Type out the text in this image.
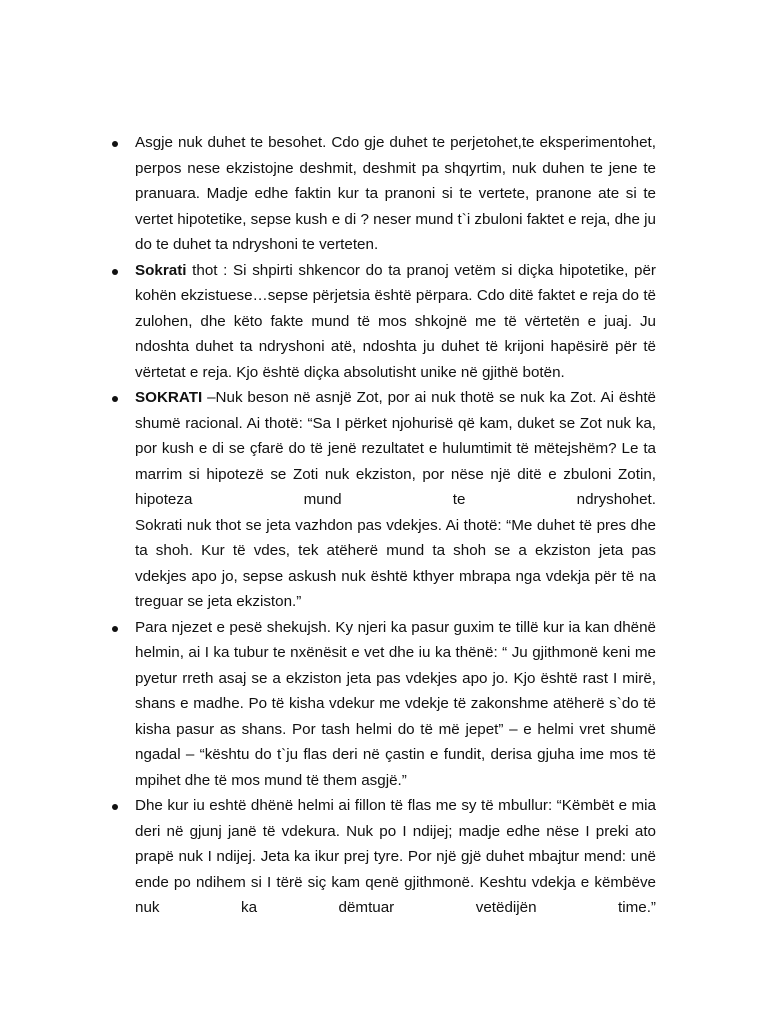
Asgje nuk duhet te besohet. Cdo gje duhet te perjetohet,te eksperimentohet, perpos nese ekzistojne deshmit, deshmit pa shqyrtim, nuk duhen te jene te pranuara. Madje edhe faktin kur ta pranoni si te vertete, pranone ate si te vertet hipotetike, sepse kush e di ? neser mund t`i zbuloni faktet e reja, dhe ju do te duhet ta ndryshoni te verteten.

Sokrati thot : Si shpirti shkencor do ta pranoj vetëm si diçka hipotetike, për kohën ekzistuese…sepse përjetsia është përpara. Cdo ditë faktet e reja do të zulohen, dhe këto fakte mund të mos shkojnë me të vërtetën e juaj. Ju ndoshta duhet ta ndryshoni atë, ndoshta ju duhet të krijoni hapësirë për të vërtetat e reja. Kjo është diçka absolutisht unike në gjithë botën.

SOKRATI –Nuk beson në asnjë Zot, por ai nuk thotë se nuk ka Zot. Ai është shumë racional. Ai thotë: “Sa I përket njohurisë që kam, duket se Zot nuk ka, por kush e di se çfarë do të jenë rezultatet e hulumtimit të mëtejshëm? Le ta marrim si hipotezë se Zoti nuk ekziston, por nëse një ditë e zbuloni Zotin, hipoteza mund te ndryshohet.

Sokrati nuk thot se jeta vazhdon pas vdekjes. Ai thotë: “Me duhet të pres dhe ta shoh. Kur të vdes, tek atëherë mund ta shoh se a ekziston jeta pas vdekjes apo jo, sepse askush nuk është kthyer mbrapa nga vdekja për të na treguar se jeta ekziston.”

Para njezet e pesë shekujsh. Ky njeri ka pasur guxim te tillë kur ia kan dhënë helmin, ai I ka tubur te nxënësit e vet dhe iu ka thënë: “ Ju gjithmonë keni me pyetur rreth asaj se a ekziston jeta pas vdekjes apo jo. Kjo është rast I mirë, shans e madhe. Po të kisha vdekur me vdekje të zakonshme atëherë s`do të kisha pasur as shans. Por tash helmi do të më jepet” – e helmi vret shumë ngadal – “kështu do t`ju flas deri në çastin e fundit, derisa gjuha ime mos të mpihet dhe të mos mund të them asgjë.”

Dhe kur iu eshtë dhënë helmi ai fillon të flas me sy të mbullur: “Këmbët e mia deri në gjunj janë të vdekura. Nuk po I ndijej; madje edhe nëse I preki ato prapë nuk I ndijej. Jeta ka ikur prej tyre. Por një gjë duhet mbajtur mend: unë ende po ndihem si I tërë siç kam qenë gjithmonë. Keshtu vdekja e këmbëve nuk ka dëmtuar vetëdijën time.”
